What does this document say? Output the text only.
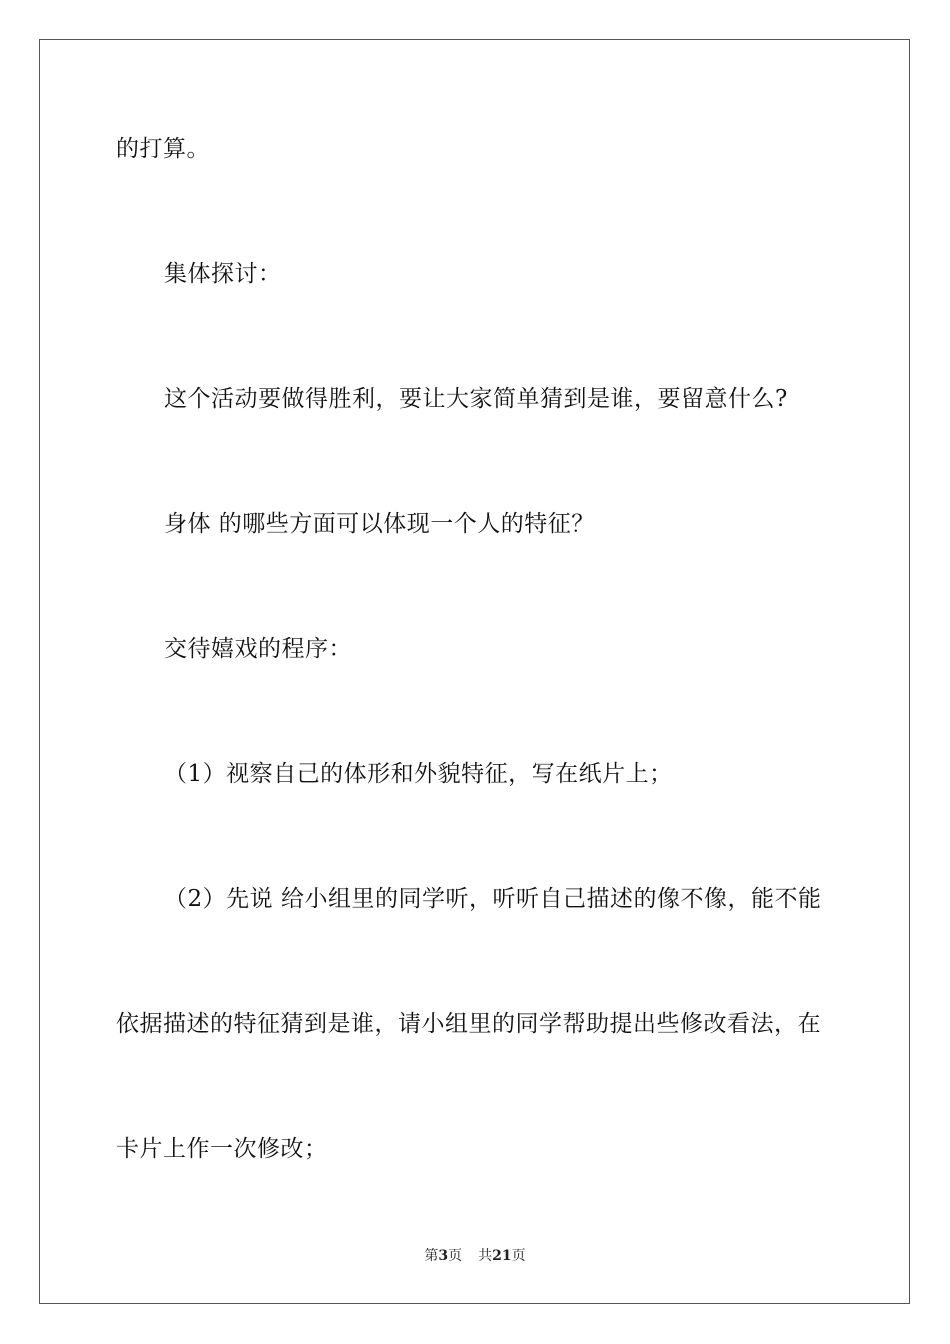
的打算。
集体探讨：
这个活动要做得胜利，要让大家简单猜到是谁，要留意什么?
身体 的哪些方面可以体现一个人的特征？
交待嬉戏的程序：
（1）视察自己的体形和外貌特征，写在纸片上；
（2）先说 给小组里的同学听，听听自己描述的像不像，能不能
依据描述的特征猜到是谁，请小组里的同学帮助提出些修改看法，在
卡片上作一次修改；
第3页 共21页
